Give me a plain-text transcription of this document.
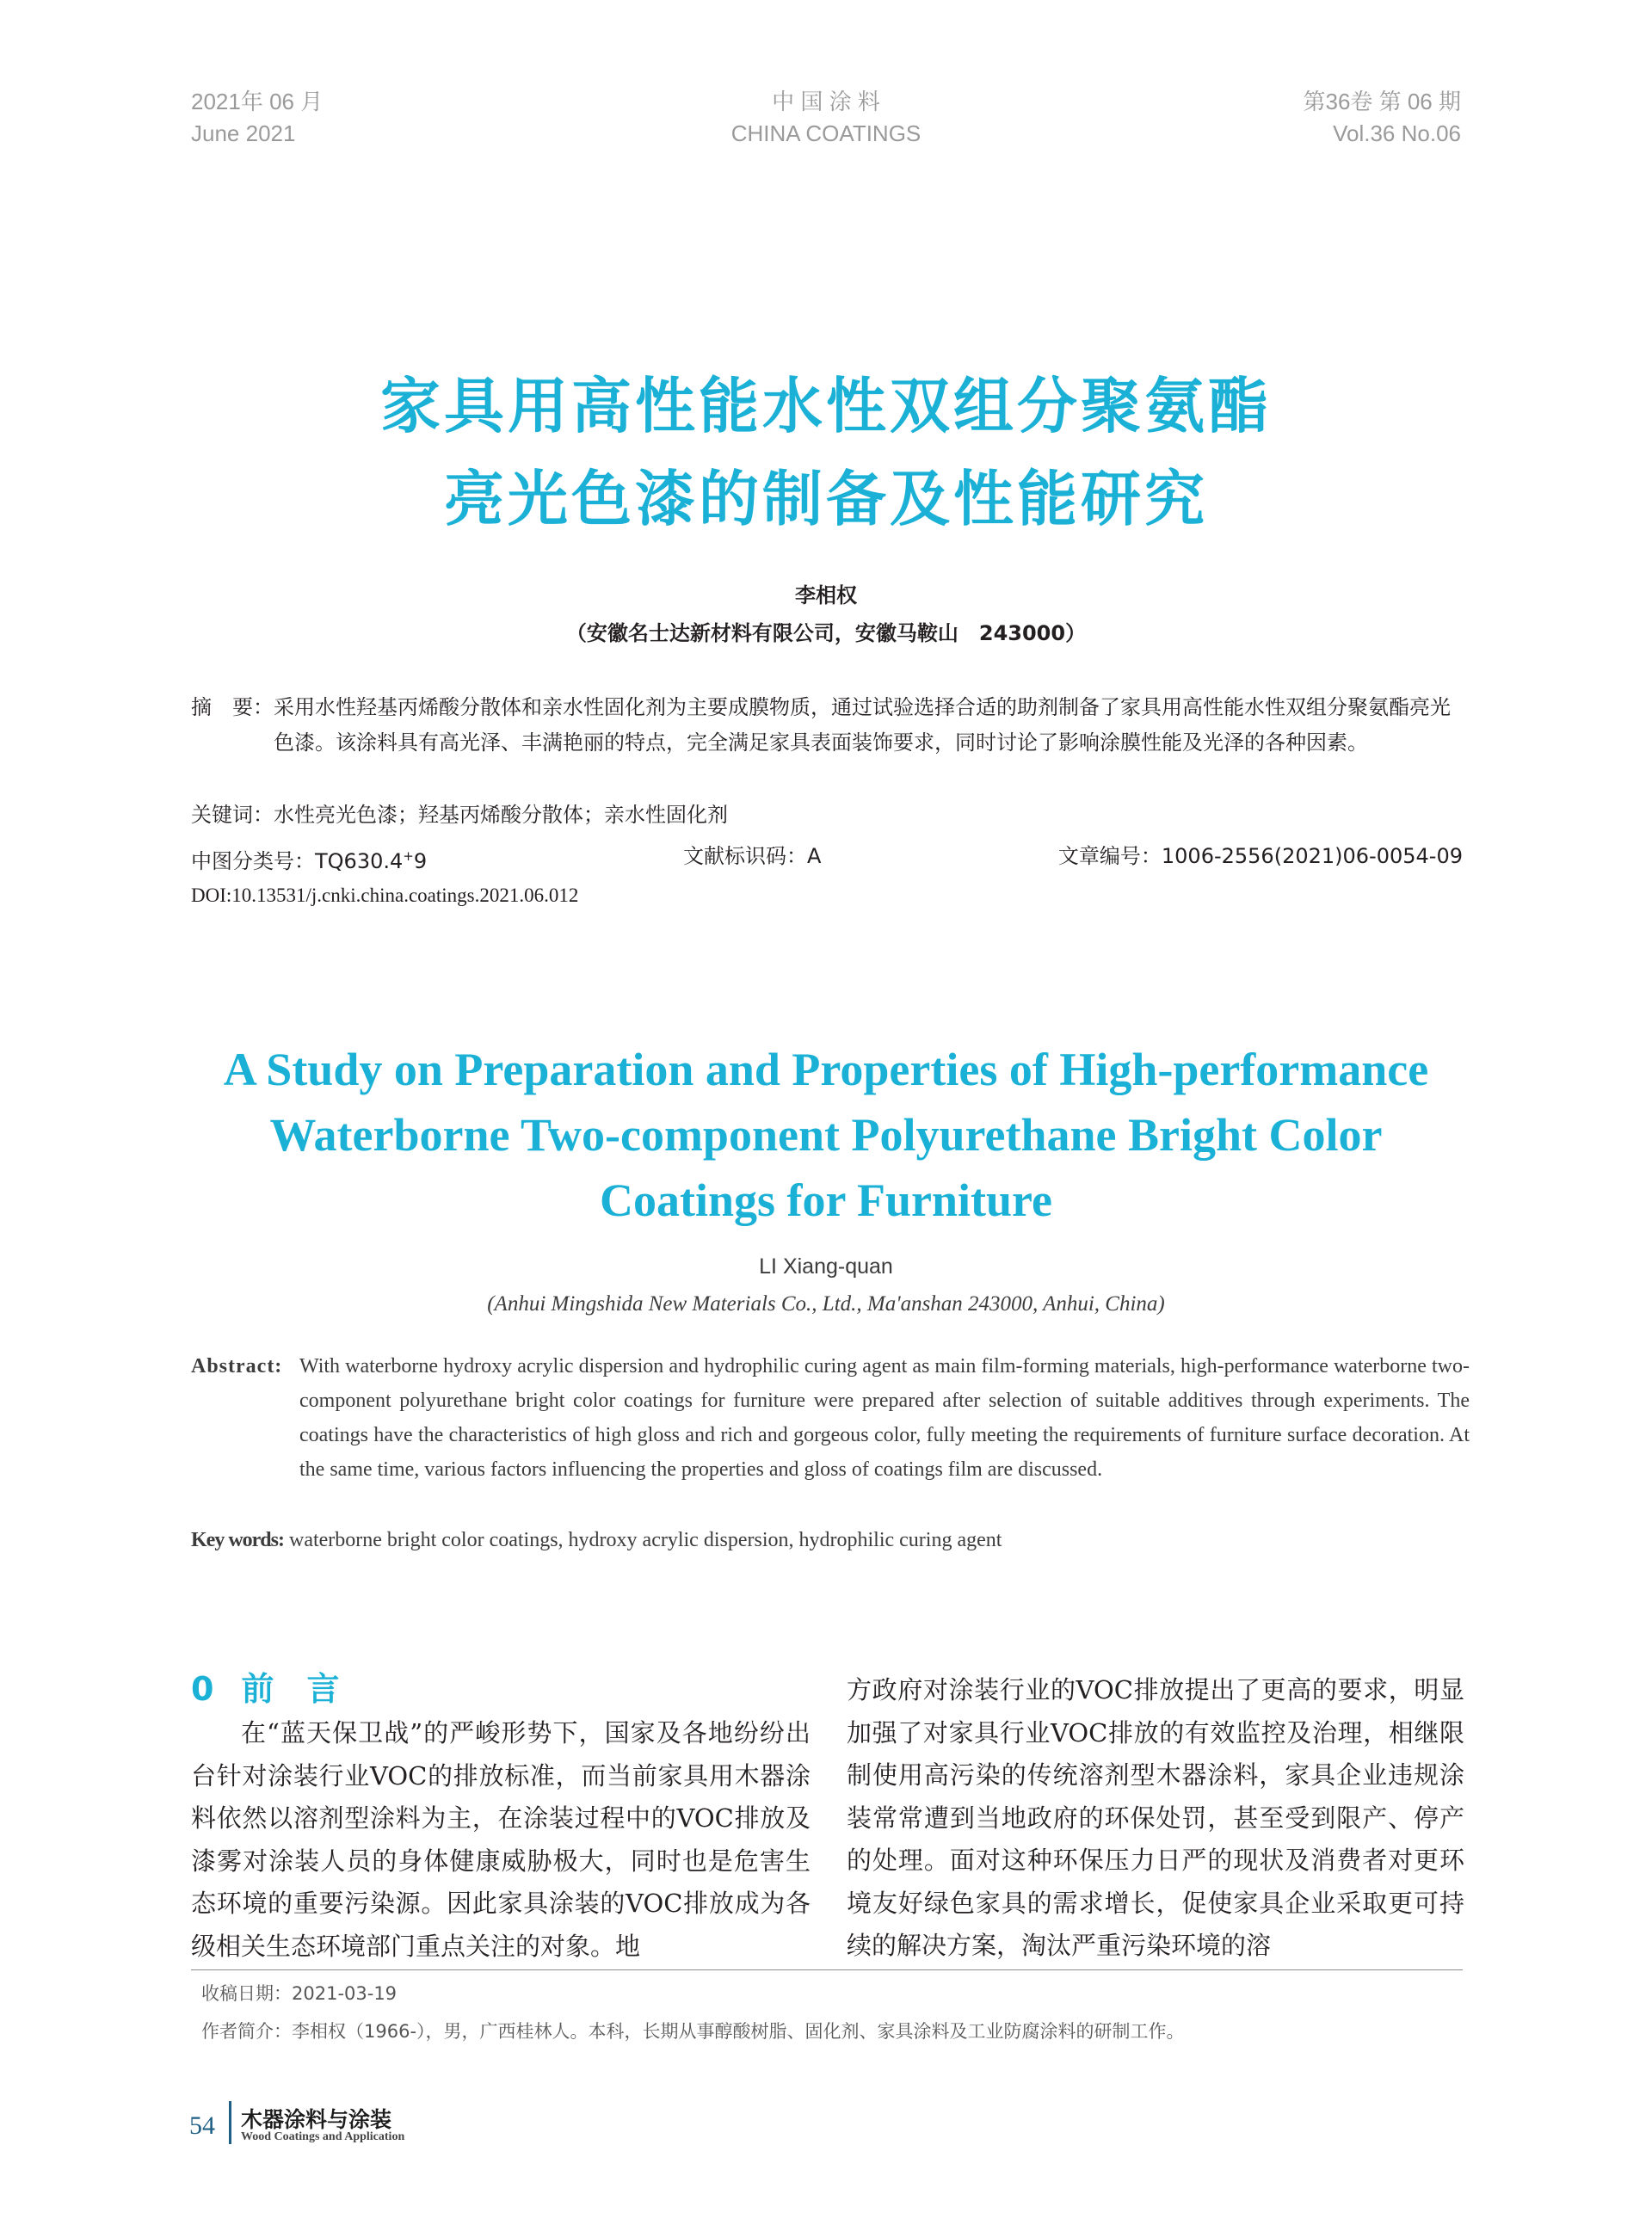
2021年 06 月
June 2021
中 国 涂 料
CHINA COATINGS
第36卷 第 06 期
Vol.36 No.06
家具用高性能水性双组分聚氨酯
亮光色漆的制备及性能研究
李相权
（安徽名士达新材料有限公司，安徽马鞍山　243000）
摘　要： 采用水性羟基丙烯酸分散体和亲水性固化剂为主要成膜物质，通过试验选择合适的助剂制备了家具用高性能水性双组分聚氨酯亮光色漆。该涂料具有高光泽、丰满艳丽的特点，完全满足家具表面装饰要求，同时讨论了影响涂膜性能及光泽的各种因素。
关键词：水性亮光色漆；羟基丙烯酸分散体；亲水性固化剂
中图分类号：TQ630.4+9	文献标识码：A	文章编号：1006-2556(2021)06-0054-09
DOI:10.13531/j.cnki.china.coatings.2021.06.012
A Study on Preparation and Properties of High-performance
Waterborne Two-component Polyurethane Bright Color
Coatings for Furniture
LI Xiang-quan
(Anhui Mingshida New Materials Co., Ltd., Ma'anshan 243000, Anhui, China)
Abstract: With waterborne hydroxy acrylic dispersion and hydrophilic curing agent as main film-forming materials, high-performance waterborne two-component polyurethane bright color coatings for furniture were prepared after selection of suitable additives through experiments. The coatings have the characteristics of high gloss and rich and gorgeous color, fully meeting the requirements of furniture surface decoration. At the same time, various factors influencing the properties and gloss of coatings film are discussed.
Key words: waterborne bright color coatings, hydroxy acrylic dispersion, hydrophilic curing agent
0 前言
在“蓝天保卫战”的严峻形势下，国家及各地纷纷出台针对涂装行业VOC的排放标准，而当前家具用木器涂料依然以溶剂型涂料为主，在涂装过程中的VOC排放及漆雾对涂装人员的身体健康威胁极大，同时也是危害生态环境的重要污染源。因此家具涂装的VOC排放成为各级相关生态环境部门重点关注的对象。地
方政府对涂装行业的VOC排放提出了更高的要求，明显加强了对家具行业VOC排放的有效监控及治理，相继限制使用高污染的传统溶剂型木器涂料，家具企业违规涂装常常遭到当地政府的环保处罚，甚至受到限产、停产的处理。面对这种环保压力日严的现状及消费者对更环境友好绿色家具的需求增长，促使家具企业采取更可持续的解决方案，淘汰严重污染环境的溶
收稿日期：2021-03-19
作者简介：李相权（1966-），男，广西桂林人。本科，长期从事醇酸树脂、固化剂、家具涂料及工业防腐涂料的研制工作。
54 木器涂料与涂装
Wood Coatings and Application
